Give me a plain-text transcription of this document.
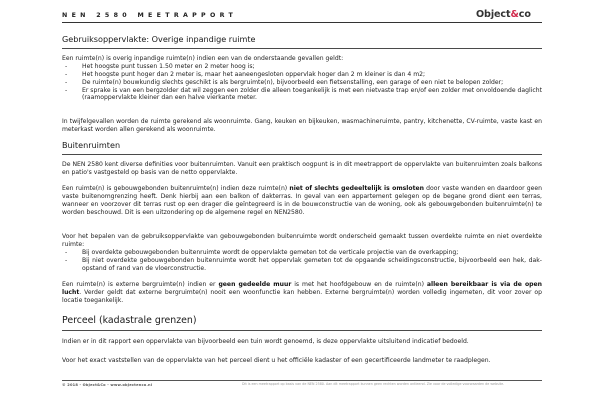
NEN 2580 MEETRAPPORT	Object&co
Gebruiksoppervlakte: Overige inpandige ruimte
Een ruimte(n) is overig inpandige ruimte(n) indien een van de onderstaande gevallen geldt:
- Het hoogste punt tussen 1.50 meter en 2 meter hoog is;
- Het hoogste punt hoger dan 2 meter is, maar het aaneengesloten oppervlak hoger dan 2 m kleiner is dan 4 m2;
- De ruimte(n) bouwkundig slechts geschikt is als bergruimte(n), bijvoorbeeld een fietsenstalling, een garage of een niet te belopen zolder;
- Er sprake is van een bergzolder dat wil zeggen een zolder die alleen toegankelijk is met een nietvaste trap en/of een zolder met onvoldoende daglicht (raamoppervlakte kleiner dan een halve vierkante meter.
In twijfelgevallen worden de ruimte gerekend als woonruimte. Gang, keuken en bijkeuken, wasmachineruimte, pantry, kitchenette, CV-ruimte, vaste kast en meterkast worden allen gerekend als woonruimte.
Buitenruimten
De NEN 2580 kent diverse definities voor buitenruimten. Vanuit een praktisch oogpunt is in dit meetrapport de oppervlakte van buitenruimten zoals balkons en patio's vastgesteld op basis van de netto oppervlakte.
Een ruimte(n) is gebouwgebonden buitenruimte(n) indien deze ruimte(n) niet of slechts gedeeltelijk is omsloten door vaste wanden en daardoor geen vaste buitenomgrenzing heeft. Denk hierbij aan een balkon of dakterras. In geval van een appartement gelegen op de begane grond dient een terras, wanneer en voorzover dit terras rust op een drager die geïntegreerd is in de bouwconstructie van de woning, ook als gebouwgebonden buitenruimte(n) te worden beschouwd. Dit is een uitzondering op de algemene regel en NEN2580.
Voor het bepalen van de gebruiksoppervlakte van gebouwgebonden buitenruimte wordt onderscheid gemaakt tussen overdekte ruimte en niet overdekte ruimte:
- Bij overdekte gebouwgebonden buitenruimte wordt de oppervlakte gemeten tot de verticale projectie van de overkapping;
- Bij niet overdekte gebouwgebonden buitenruimte wordt het oppervlak gemeten tot de opgaande scheidingsconstructie, bijvoorbeeld een hek, dak-opstand of rand van de vloerconstructie.
Een ruimte(n) is externe bergruimte(n) indien er geen gedeelde muur is met het hoofdgebouw en de ruimte(n) alleen bereikbaar is via de open lucht. Verder geldt dat externe bergruimte(n) nooit een woonfunctie kan hebben. Externe bergruimte(n) worden volledig ingemeten, dit voor zover op locatie toegankelijk.
Perceel (kadastrale grenzen)
Indien er in dit rapport een oppervlakte van bijvoorbeeld een tuin wordt genoemd, is deze oppervlakte uitsluitend indicatief bedoeld.
Voor het exact vaststellen van de oppervlakte van het perceel dient u het officiële kadaster of een gecertificeerde landmeter te raadplegen.
© 2018 - Object&Co - www.objectenco.nl	Dit is een meetrapport op basis van de NEN 2580. Aan dit meetrapport kunnen geen rechten worden ontleend. Zie voor de volledige voorwaarden de website.
